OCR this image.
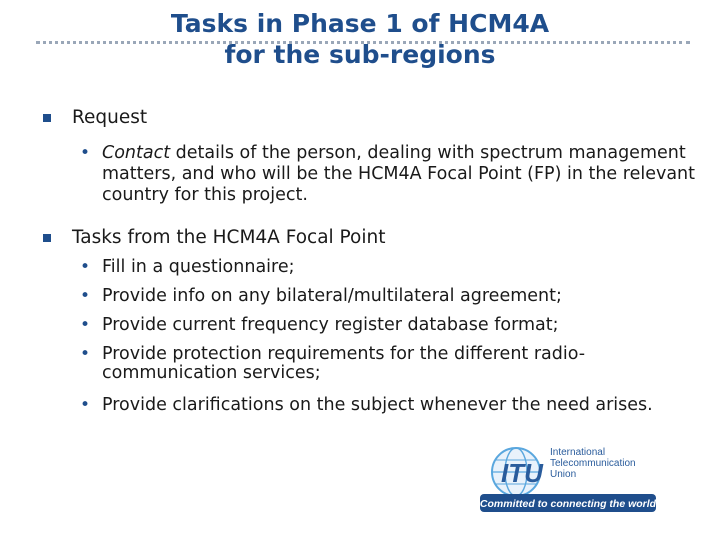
Tasks in Phase 1 of HCM4A
for the sub-regions
Request
• Contact details of the person, dealing with spectrum management matters, and who will be the HCM4A Focal Point (FP) in the relevant country for this project.
Tasks from the HCM4A Focal Point
• Fill in a questionnaire;
• Provide info on any bilateral/multilateral agreement;
• Provide current frequency register database format;
• Provide protection requirements for the different radio-communication services;
• Provide clarifications on the subject whenever the need arises.
ITU
International
Telecommunication
Union
Committed to connecting the world
